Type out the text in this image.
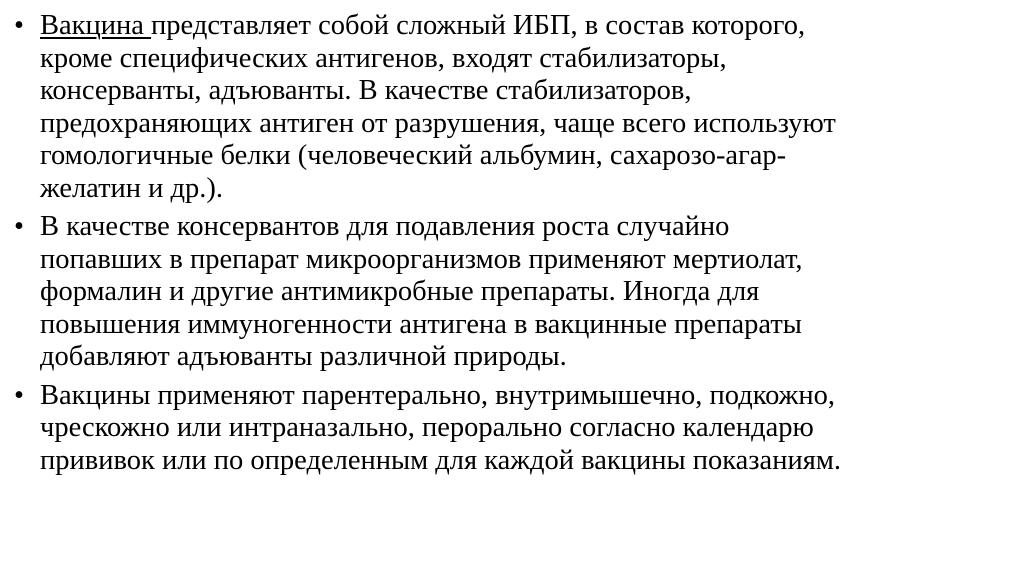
• Вакцина представляет собой сложный ИБП, в состав которого,
кроме специфических антигенов, входят стабилизаторы,
консерванты, адъюванты. В качестве стабилизаторов,
предохраняющих антиген от разрушения, чаще всего используют
гомологичные белки (человеческий альбумин, сахарозо-агар-
желатин и др.).
• В качестве консервантов для подавления роста случайно
попавших в препарат микроорганизмов применяют мертиолат,
формалин и другие антимикробные препараты. Иногда для
повышения иммуногенности антигена в вакцинные препараты
добавляют адъюванты различной природы.
• Вакцины применяют парентерально, внутримышечно, подкожно,
чрескожно или интраназально, перорально согласно календарю
прививок или по определенным для каждой вакцины показаниям.
